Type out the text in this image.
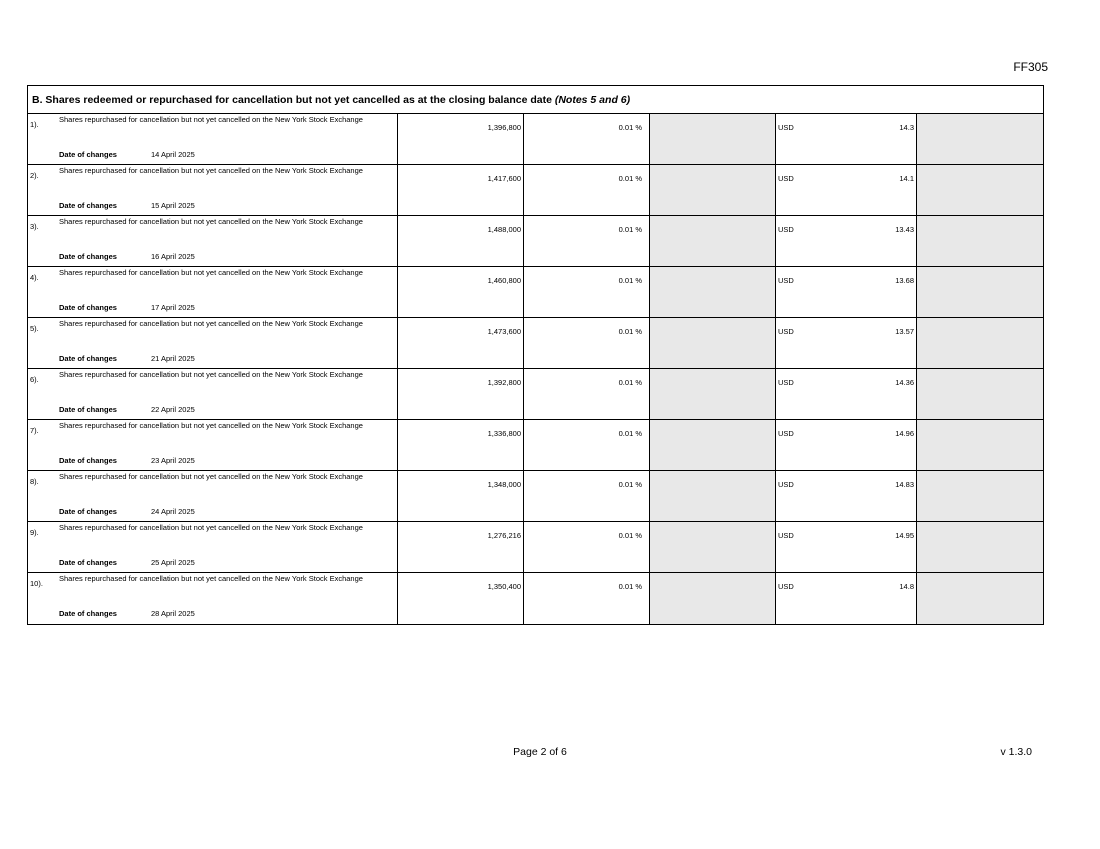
FF305
B. Shares redeemed or repurchased for cancellation but not yet cancelled as at the closing balance date (Notes 5 and 6)
1).
Shares repurchased for cancellation but not yet cancelled on the New York Stock Exchange
Date of changes	14 April 2025
1,396,800	0.01 %	USD	14.3
2).
Shares repurchased for cancellation but not yet cancelled on the New York Stock Exchange
Date of changes	15 April 2025
1,417,600	0.01 %	USD	14.1
3).
Shares repurchased for cancellation but not yet cancelled on the New York Stock Exchange
Date of changes	16 April 2025
1,488,000	0.01 %	USD	13.43
4).
Shares repurchased for cancellation but not yet cancelled on the New York Stock Exchange
Date of changes	17 April 2025
1,460,800	0.01 %	USD	13.68
5).
Shares repurchased for cancellation but not yet cancelled on the New York Stock Exchange
Date of changes	21 April 2025
1,473,600	0.01 %	USD	13.57
6).
Shares repurchased for cancellation but not yet cancelled on the New York Stock Exchange
Date of changes	22 April 2025
1,392,800	0.01 %	USD	14.36
7).
Shares repurchased for cancellation but not yet cancelled on the New York Stock Exchange
Date of changes	23 April 2025
1,336,800	0.01 %	USD	14.96
8).
Shares repurchased for cancellation but not yet cancelled on the New York Stock Exchange
Date of changes	24 April 2025
1,348,000	0.01 %	USD	14.83
9).
Shares repurchased for cancellation but not yet cancelled on the New York Stock Exchange
Date of changes	25 April 2025
1,276,216	0.01 %	USD	14.95
10).
Shares repurchased for cancellation but not yet cancelled on the New York Stock Exchange
Date of changes	28 April 2025
1,350,400	0.01 %	USD	14.8
Page 2 of 6	v 1.3.0
